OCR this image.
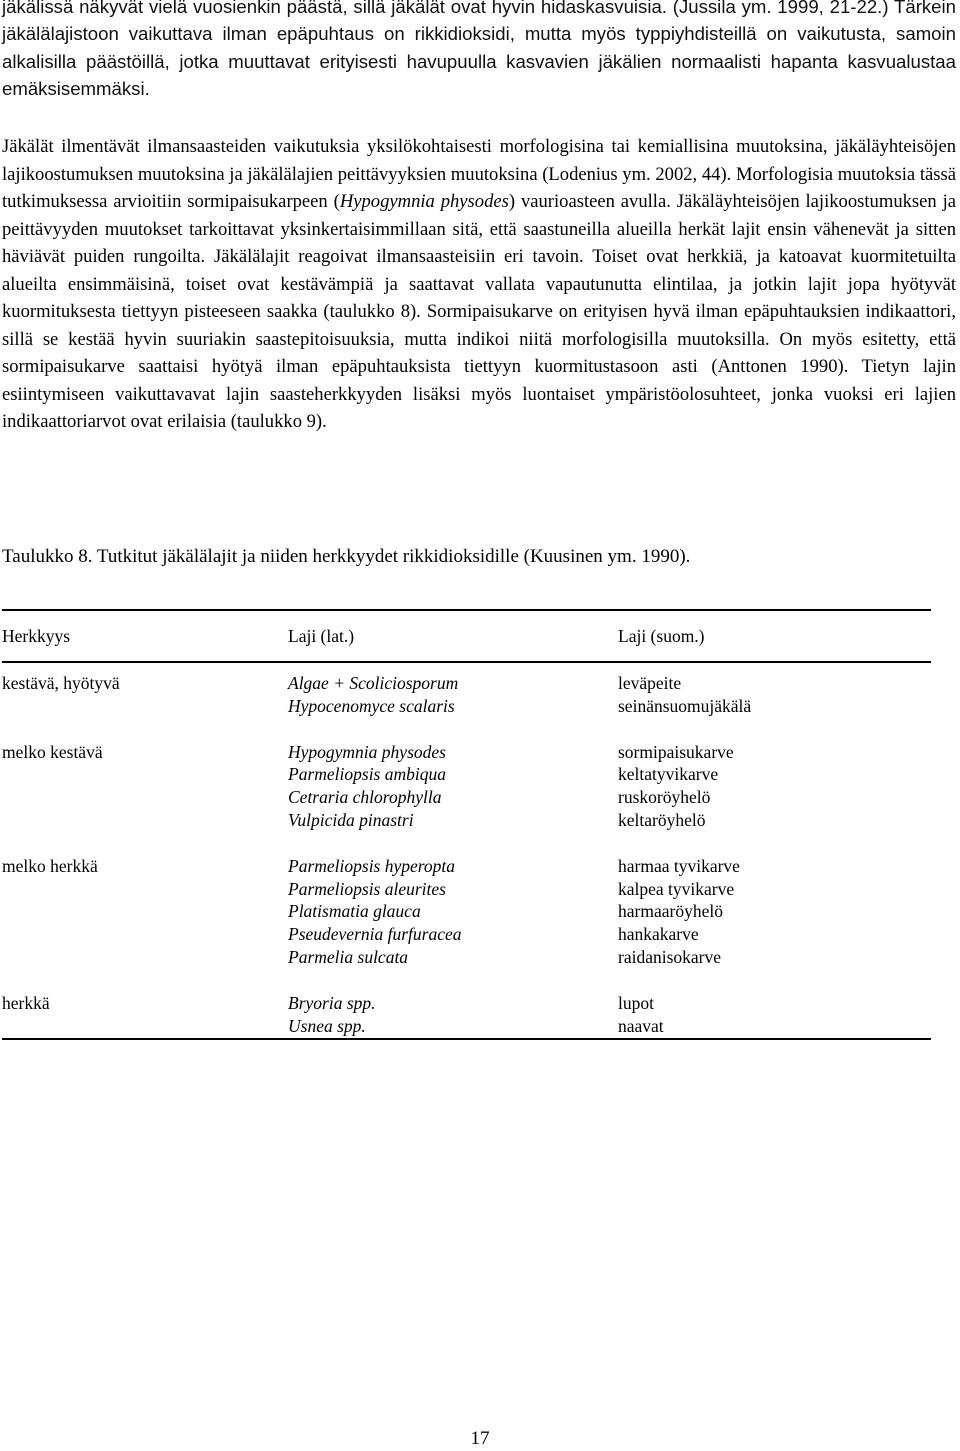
jäkälissä näkyvät vielä vuosienkin päästä, sillä jäkälät ovat hyvin hidaskasvuisia. (Jussila ym. 1999, 21-22.) Tärkein jäkälälajistoon vaikuttava ilman epäpuhtaus on rikkidioksidi, mutta myös typpiyhdisteillä on vaikutusta, samoin alkalisilla päästöillä, jotka muuttavat erityisesti havupuulla kasvavien jäkälien normaalisti hapanta kasvualustaa emäksisemmäksi.
Jäkälät ilmentävät ilmansaasteiden vaikutuksia yksilökohtaisesti morfologisina tai kemiallisina muutoksina, jäkäläyhteisöjen lajikoostumuksen muutoksina ja jäkälälajien peittävyyksien muutoksina (Lodenius ym. 2002, 44). Morfologisia muutoksia tässä tutkimuksessa arvioitiin sormipaisukarpeen (Hypogymnia physodes) vaurioasteen avulla. Jäkäläyhteisöjen lajikoostumuksen ja peittävyyden muutokset tarkoittavat yksinkertaisimmillaan sitä, että saastuneilla alueilla herkät lajit ensin vähenevät ja sitten häviävät puiden rungoilta. Jäkälälajit reagoivat ilmansaasteisiin eri tavoin. Toiset ovat herkkiä, ja katoavat kuormitetuilta alueilta ensimmäisinä, toiset ovat kestävämpiä ja saattavat vallata vapautunutta elintilaa, ja jotkin lajit jopa hyötyvät kuormituksesta tiettyyn pisteeseen saakka (taulukko 8). Sormipaisukarve on erityisen hyvä ilman epäpuhtauksien indikaattori, sillä se kestää hyvin suuriakin saastepitoisuuksia, mutta indikoi niitä morfologisilla muutoksilla. On myös esitetty, että sormipaisukarve saattaisi hyötyä ilman epäpuhtauksista tiettyyn kuormitustasoon asti (Anttonen 1990). Tietyn lajin esiintymiseen vaikuttavavat lajin saasteherkkyyden lisäksi myös luontaiset ympäristöolosuhteet, jonka vuoksi eri lajien indikaattoriarvot ovat erilaisia (taulukko 9).
Taulukko 8. Tutkitut jäkälälajit ja niiden herkkyydet rikkidioksidille (Kuusinen ym. 1990).
Herkkyys	Laji (lat.)	Laji (suom.)
kestävä, hyötyvä	Algae + Scoliciosporum	leväpeite
Hypocenomyce scalaris	seinänsuomujäkälä
melko kestävä	Hypogymnia physodes	sormipaisukarve
Parmeliopsis ambiqua	keltatyvikarve
Cetraria chlorophylla	ruskoröyhelö
Vulpicida pinastri	keltaröyhelö
melko herkkä	Parmeliopsis hyperopta	harmaa tyvikarve
Parmeliopsis aleurites	kalpea tyvikarve
Platismatia glauca	harmaaröyhelö
Pseudevernia furfuracea	hankakarve
Parmelia sulcata	raidanisokarve
herkkä	Bryoria spp.	lupot
Usnea spp.	naavat
17
